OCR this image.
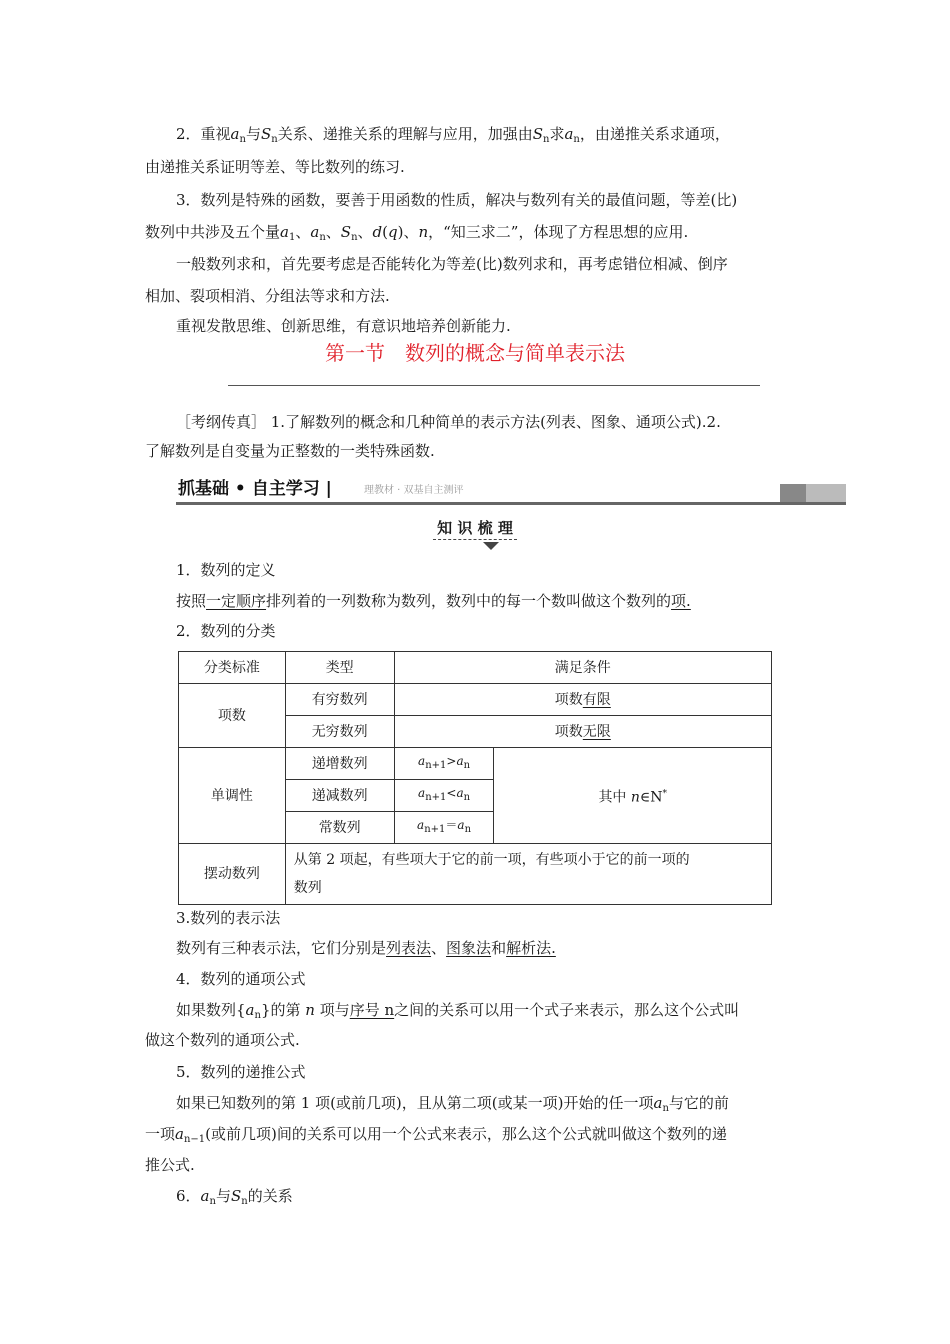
2．重视$a_n$与$S_n$关系、递推关系的理解与应用，加强由$S_n$求$a_n$，由递推关系求通项，
由递推关系证明等差、等比数列的练习.
3．数列是特殊的函数，要善于用函数的性质，解决与数列有关的最值问题，等差(比)
数列中共涉及五个量$a_1$、$a_n$、$S_n$、d(q)、n，“知三求二”，体现了方程思想的应用.
一般数列求和，首先要考虑是否能转化为等差(比)数列求和，再考虑错位相减、倒序
相加、裂项相消、分组法等求和方法.
重视发散思维、创新思维，有意识地培养创新能力.
第一节　数列的概念与简单表示法
［考纲传真］ 1.了解数列的概念和几种简单的表示方法(列表、图象、通项公式).2.
了解数列是自变量为正整数的一类特殊函数.
抓基础 • 自主学习 |	理教材 · 双基自主测评
知 识 梳 理
1．数列的定义
按照一定顺序排列着的一列数称为数列，数列中的每一个数叫做这个数列的项.
2．数列的分类
分类标准	类型	满足条件	
项数	有穷数列	项数有限	
	无穷数列	项数无限	
单调性	递增数列	$a_{n+1}>a_n$	其中 n∈N*
	递减数列	$a_{n+1}<a_n$
	常数列	$a_{n+1}=a_n$
摆动数列	从第 2 项起，有些项大于它的前一项，有些项小于它的前一项的
数列		
3.数列的表示法
数列有三种表示法，它们分别是列表法、图象法和解析法.
4．数列的通项公式
如果数列$\{a_n\}$的第 n 项与序号 n之间的关系可以用一个式子来表示，那么这个公式叫
做这个数列的通项公式.
5．数列的递推公式
如果已知数列的第 1 项(或前几项)，且从第二项(或某一项)开始的任一项$a_n$与它的前
一项$a_{n-1}$(或前几项)间的关系可以用一个公式来表示，那么这个公式就叫做这个数列的递
推公式.
6．$a_n$与$S_n$的关系
